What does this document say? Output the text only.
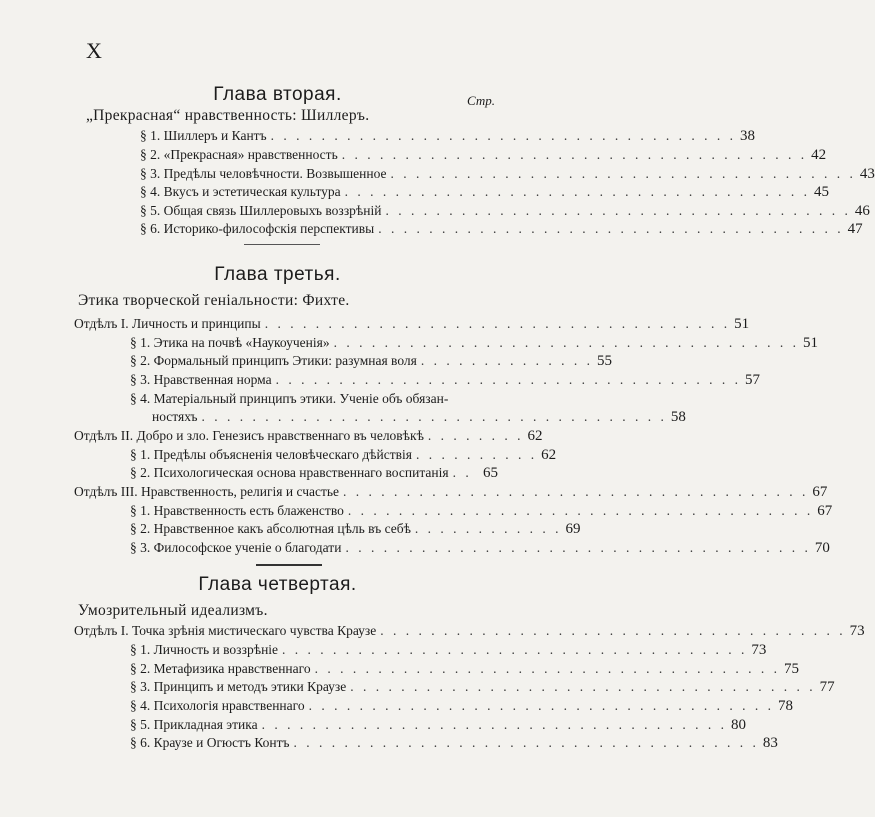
X
Глава вторая.	Стр.
„Прекрасная“ нравственность: Шиллеръ.
§ 1. Шиллеръ и Кантъ . . . . . . . . . . . . . . . . . . . . . . . . . . . . . . . . . . . . . 38
§ 2. «Прекрасная» нравственность . . . . . . . . . . . . . . . . . . . . . . . . . . . . . . . . . . . . . 42
§ 3. Предѣлы человѣчности. Возвышенное . . . . . . . . . . . . . . . . . . . . . . . . . . . . . . . . . . . . . 43
§ 4. Вкусъ и эстетическая культура . . . . . . . . . . . . . . . . . . . . . . . . . . . . . . . . . . . . . 45
§ 5. Общая связь Шиллеровыхъ воззрѣній . . . . . . . . . . . . . . . . . . . . . . . . . . . . . . . . . . . . . 46
§ 6. Историко-философскія перспективы . . . . . . . . . . . . . . . . . . . . . . . . . . . . . . . . . . . . . 47
Глава третья.
Этика творческой геніальности: Фихте.
Отдѣлъ I. Личность и принципы . . . . . . . . . . . . . . . . . . . . . . . . . . . . . . . . . . . . . 51
§ 1. Этика на почвѣ «Наукоученія» . . . . . . . . . . . . . . . . . . . . . . . . . . . . . . . . . . . . . 51
§ 2. Формальный принципъ Этики: разумная воля . . . . . . . . . . . . . . 55
§ 3. Нравственная норма . . . . . . . . . . . . . . . . . . . . . . . . . . . . . . . . . . . . . 57
§ 4. Матеріальный принципъ этики. Ученіе объ обязан-
ностяхъ . . . . . . . . . . . . . . . . . . . . . . . . . . . . . . . . . . . . . 58
Отдѣлъ II. Добро и зло. Генезисъ нравственнаго въ человѣкѣ . . . . . . . . 62
§ 1. Предѣлы объясненія человѣческаго дѣйствія . . . . . . . . . . 62
§ 2. Психологическая основа нравственнаго воспитанія . . 65
Отдѣлъ III. Нравственность, религія и счастье . . . . . . . . . . . . . . . . . . . . . . . . . . . . . . . . . . . . . 67
§ 1. Нравственность есть блаженство . . . . . . . . . . . . . . . . . . . . . . . . . . . . . . . . . . . . . 67
§ 2. Нравственное какъ абсолютная цѣль въ себѣ . . . . . . . . . . . . 69
§ 3. Философское ученіе о благодати . . . . . . . . . . . . . . . . . . . . . . . . . . . . . . . . . . . . . 70
Глава четвертая.
Умозрительный идеализмъ.
Отдѣлъ I. Точка зрѣнія мистическаго чувства Краузе . . . . . . . . . . . . . . . . . . . . . . . . . . . . . . . . . . . . . 73
§ 1. Личность и воззрѣніе . . . . . . . . . . . . . . . . . . . . . . . . . . . . . . . . . . . . . 73
§ 2. Метафизика нравственнаго . . . . . . . . . . . . . . . . . . . . . . . . . . . . . . . . . . . . . 75
§ 3. Принципъ и методъ этики Краузе . . . . . . . . . . . . . . . . . . . . . . . . . . . . . . . . . . . . . 77
§ 4. Психологія нравственнаго . . . . . . . . . . . . . . . . . . . . . . . . . . . . . . . . . . . . . 78
§ 5. Прикладная этика . . . . . . . . . . . . . . . . . . . . . . . . . . . . . . . . . . . . . 80
§ 6. Краузе и Огюстъ Контъ . . . . . . . . . . . . . . . . . . . . . . . . . . . . . . . . . . . . . 83
